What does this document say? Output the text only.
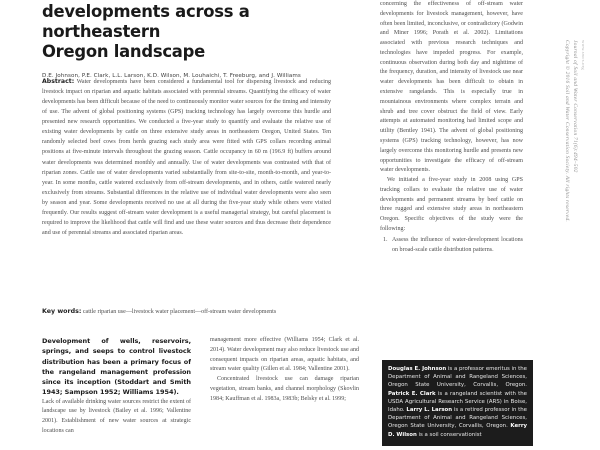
developments across a northeastern
Oregon landscape
D.E. Johnson, P.E. Clark, L.L. Larson, K.D. Wilson, M. Louhaichi, T. Freeburg, and J. Williams

Abstract: Water developments have been considered a fundamental tool for dispersing livestock and reducing livestock impact on riparian and aquatic habitats associated with perennial streams. Quantifying the efficacy of water developments has been difficult because of the need to continuously monitor water sources for the timing and intensity of use. The advent of global positioning systems (GPS) tracking technology has largely overcome this hurdle and presented new research opportunities. We conducted a five-year study to quantify and evaluate the relative use of existing water developments by cattle on three extensive study areas in northeastern Oregon, United States. Ten randomly selected beef cows from herds grazing each study area were fitted with GPS collars recording animal positions at five-minute intervals throughout the grazing season. Cattle occupancy in 60 m (196.9 ft) buffers around water developments was determined monthly and annually. Use of water developments was contrasted with that of riparian zones. Cattle use of water developments varied substantially from site-to-site, month-to-month, and year-to-year. In some months, cattle watered exclusively from off-stream developments, and in others, cattle watered nearly exclusively from streams. Substantial differences in the relative use of individual water developments were also seen by season and year. Some developments received no use at all during the five-year study while others were visited frequently. Our results suggest off-stream water development is a useful managerial strategy, but careful placement is required to improve the likelihood that cattle will find and use these water sources and thus decrease their dependence and use of perennial streams and associated riparian areas.

Key words: cattle riparian use—livestock water placement—off-stream water developments

concerning the effectiveness of off-stream water developments for livestock management, however, have often been limited, inconclusive, or contradictory (Godwin and Miner 1996; Porath et al. 2002). Limitations associated with previous research techniques and technologies have impeded progress. For example, continuous observation during both day and nighttime of the frequency, duration, and intensity of livestock use near water developments has been difficult to obtain in extensive rangelands. This is especially true in mountainous environments where complex terrain and shrub and tree cover obstruct the field of view. Early attempts at automated monitoring had limited scope and utility (Bentley 1941). The advent of global positioning systems (GPS) tracking technology, however, has now largely overcome this monitoring hurdle and presents new opportunities to investigate the efficacy of off-stream water developments.

We initiated a five-year study in 2008 using GPS tracking collars to evaluate the relative use of water developments and permanent streams by beef cattle on three rugged and extensive study areas in northeastern Oregon. Specific objectives of the study were the following:

Assess the influence of water-development locations on broad-scale cattle distribution patterns.

Douglas E. Johnson is a professor emeritus in the Department of Animal and Rangeland Sciences, Oregon State University, Corvallis, Oregon. Patrick E. Clark is a rangeland scientist with the USDA Agricultural Research Service (ARS) in Boise, Idaho. Larry L. Larson is a retired professor in the Department of Animal and Rangeland Sciences, Oregon State University, Corvallis, Oregon. Kerry D. Wilson is a soil conservationist

Development of wells, reservoirs, springs, and seeps to control livestock distribution has been a primary focus of the rangeland management profession since its inception (Stoddart and Smith 1943; Sampson 1952; Williams 1954).

Lack of available drinking water sources restrict the extent of landscape use by livestock (Bailey et al. 1996; Vallentine 2001). Establishment of new water sources at strategic locations can

management more effective (Williams 1954; Clark et al. 2014). Water development may also reduce livestock use and consequent impacts on riparian areas, aquatic habitats, and stream water quality (Gillen et al. 1984; Vallentine 2001).

Concentrated livestock use can damage riparian vegetation, stream banks, and channel morphology (Skovlin 1984; Kauffman et al. 1983a, 1983b; Belsky et al. 1999;

Copyright © 2016 Soil and Water Conservation Society. All rights reserved. Journal of Soil and Water Conservation 71(6):494–502 www.swcs.org
